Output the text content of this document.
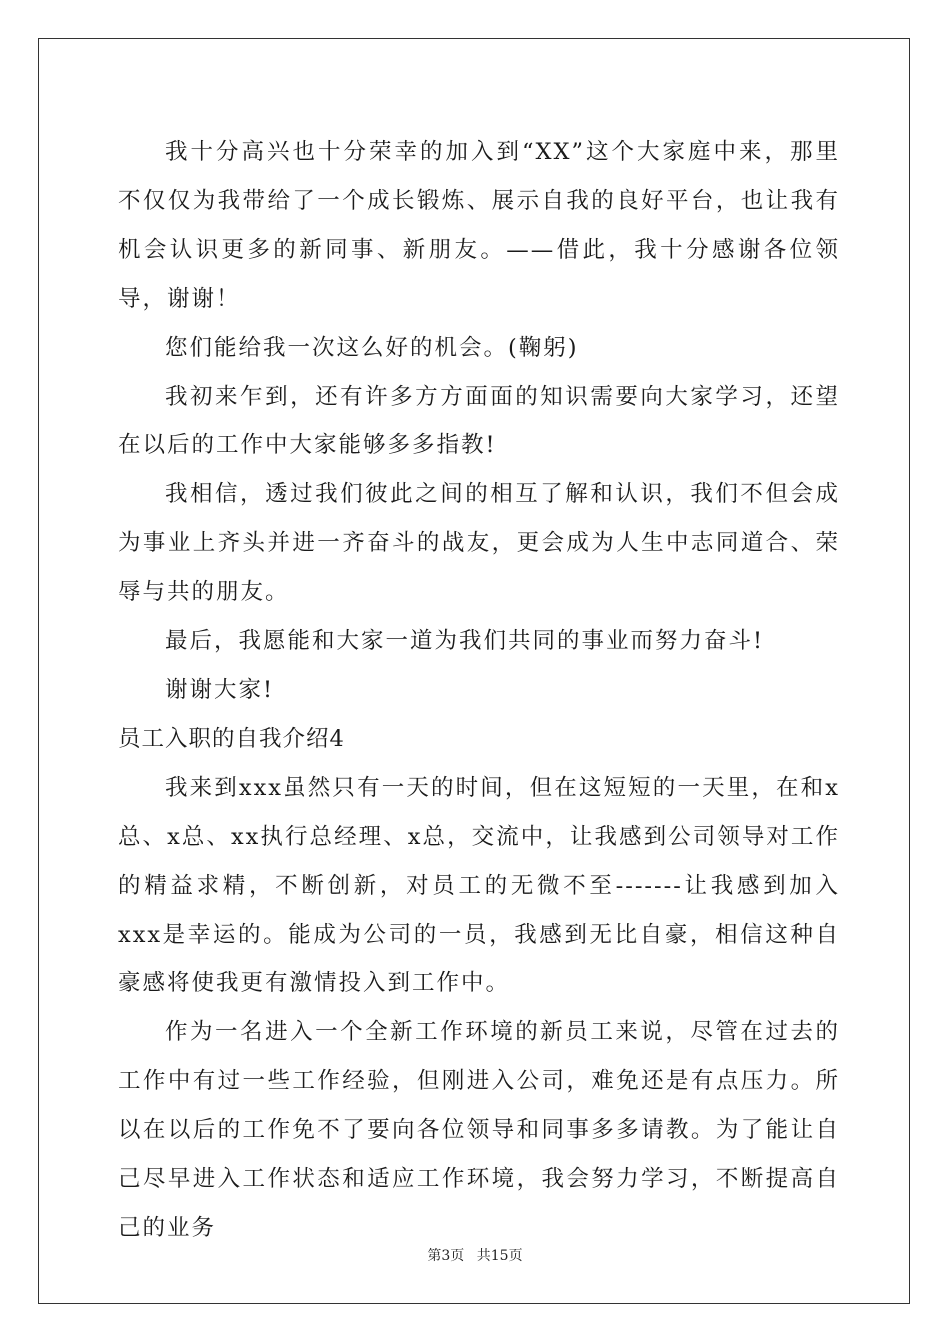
我十分高兴也十分荣幸的加入到“XX”这个大家庭中来，那里不仅仅为我带给了一个成长锻炼、展示自我的良好平台，也让我有机会认识更多的新同事、新朋友。——借此，我十分感谢各位领导，谢谢！

您们能给我一次这么好的机会。(鞠躬)

我初来乍到，还有许多方方面面的知识需要向大家学习，还望在以后的工作中大家能够多多指教!

我相信，透过我们彼此之间的相互了解和认识，我们不但会成为事业上齐头并进一齐奋斗的战友，更会成为人生中志同道合、荣辱与共的朋友。

最后，我愿能和大家一道为我们共同的事业而努力奋斗!

谢谢大家!

员工入职的自我介绍4

我来到xxx虽然只有一天的时间，但在这短短的一天里，在和x总、x总、xx执行总经理、x总，交流中，让我感到公司领导对工作的精益求精，不断创新，对员工的无微不至-------让我感到加入xxx是幸运的。能成为公司的一员，我感到无比自豪，相信这种自豪感将使我更有激情投入到工作中。

作为一名进入一个全新工作环境的新员工来说，尽管在过去的工作中有过一些工作经验，但刚进入公司，难免还是有点压力。所以在以后的工作免不了要向各位领导和同事多多请教。为了能让自己尽早进入工作状态和适应工作环境，我会努力学习，不断提高自己的业务

第3页 共15页
